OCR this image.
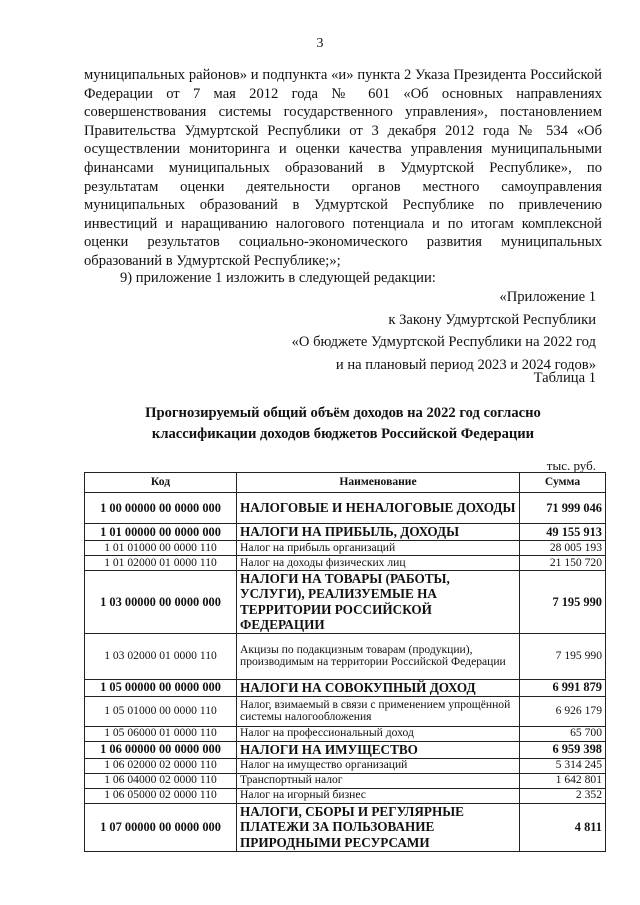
3
муниципальных районов» и подпункта «и» пункта 2 Указа Президента Российской Федерации от 7 мая 2012 года № 601 «Об основных направлениях совершенствования системы государственного управления», постановлением Правительства Удмуртской Республики от 3 декабря 2012 года № 534 «Об осуществлении мониторинга и оценки качества управления муниципальными финансами муниципальных образований в Удмуртской Республике», по результатам оценки деятельности органов местного самоуправления муниципальных образований в Удмуртской Республике по привлечению инвестиций и наращиванию налогового потенциала и по итогам комплексной оценки результатов социально-экономического развития муниципальных образований в Удмуртской Республике;»;
9) приложение 1 изложить в следующей редакции:
«Приложение 1
к Закону Удмуртской Республики
«О бюджете Удмуртской Республики на 2022 год
и на плановый период 2023 и 2024 годов»
Таблица 1
Прогнозируемый общий объём доходов на 2022 год согласно
классификации доходов бюджетов Российской Федерации
тыс. руб.
Код	Наименование	Сумма
1 00 00000 00 0000 000	НАЛОГОВЫЕ И НЕНАЛОГОВЫЕ ДОХОДЫ	71 999 046
1 01 00000 00 0000 000	НАЛОГИ НА ПРИБЫЛЬ, ДОХОДЫ	49 155 913
1 01 01000 00 0000 110	Налог на прибыль организаций	28 005 193
1 01 02000 01 0000 110	Налог на доходы физических лиц	21 150 720
1 03 00000 00 0000 000	НАЛОГИ НА ТОВАРЫ (РАБОТЫ, УСЛУГИ), РЕАЛИЗУЕМЫЕ НА ТЕРРИТОРИИ РОССИЙСКОЙ ФЕДЕРАЦИИ	7 195 990
1 03 02000 01 0000 110	Акцизы по подакцизным товарам (продукции), производимым на территории Российской Федерации	7 195 990
1 05 00000 00 0000 000	НАЛОГИ НА СОВОКУПНЫЙ ДОХОД	6 991 879
1 05 01000 00 0000 110	Налог, взимаемый в связи с применением упрощённой системы налогообложения	6 926 179
1 05 06000 01 0000 110	Налог на профессиональный доход	65 700
1 06 00000 00 0000 000	НАЛОГИ НА ИМУЩЕСТВО	6 959 398
1 06 02000 02 0000 110	Налог на имущество организаций	5 314 245
1 06 04000 02 0000 110	Транспортный налог	1 642 801
1 06 05000 02 0000 110	Налог на игорный бизнес	2 352
1 07 00000 00 0000 000	НАЛОГИ, СБОРЫ И РЕГУЛЯРНЫЕ ПЛАТЕЖИ ЗА ПОЛЬЗОВАНИЕ ПРИРОДНЫМИ РЕСУРСАМИ	4 811
